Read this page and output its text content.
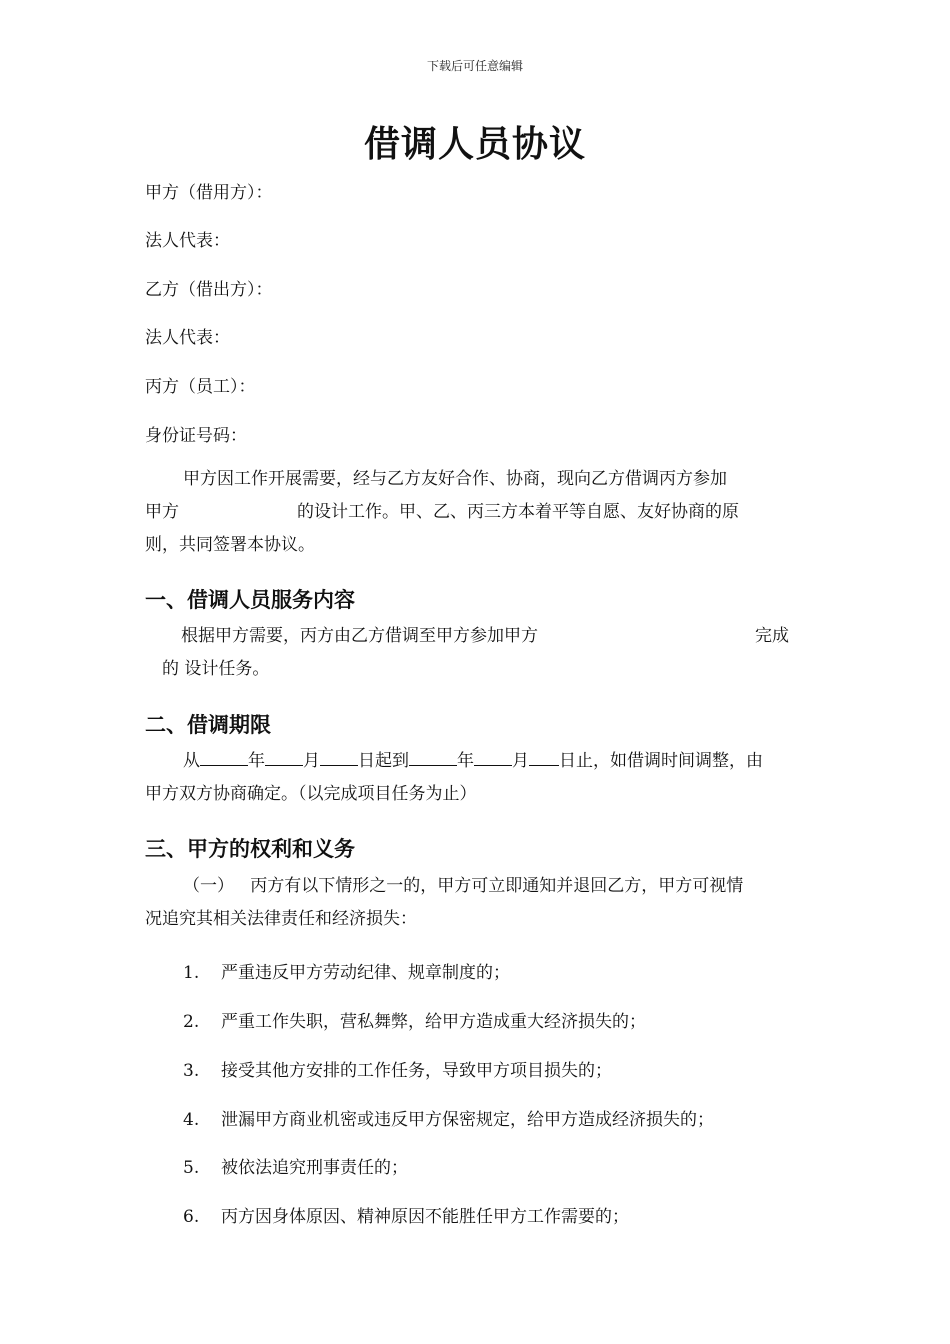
下载后可任意编辑
借调人员协议
甲方（借用方）：
法人代表：
乙方（借出方）：
法人代表：
丙方（员工）：
身份证号码：
甲方因工作开展需要，经与乙方友好合作、协商，现向乙方借调丙方参加
甲方	的设计工作。甲、乙、丙三方本着平等自愿、友好协商的原
则，共同签署本协议。
一、借调人员服务内容
根据甲方需要，丙方由乙方借调至甲方参加甲方	完成
的 设计任务。
二、借调期限
从	年 月 日起到	年 月 日止，如借调时间调整，由
甲方双方协商确定。（以完成项目任务为止）
三、甲方的权利和义务
（一）   丙方有以下情形之一的，甲方可立即通知并退回乙方，甲方可视情
况追究其相关法律责任和经济损失：
1. 严重违反甲方劳动纪律、规章制度的；
2. 严重工作失职，营私舞弊，给甲方造成重大经济损失的；
3. 接受其他方安排的工作任务，导致甲方项目损失的；
4. 泄漏甲方商业机密或违反甲方保密规定，给甲方造成经济损失的；
5. 被依法追究刑事责任的；
6. 丙方因身体原因、精神原因不能胜任甲方工作需要的；
